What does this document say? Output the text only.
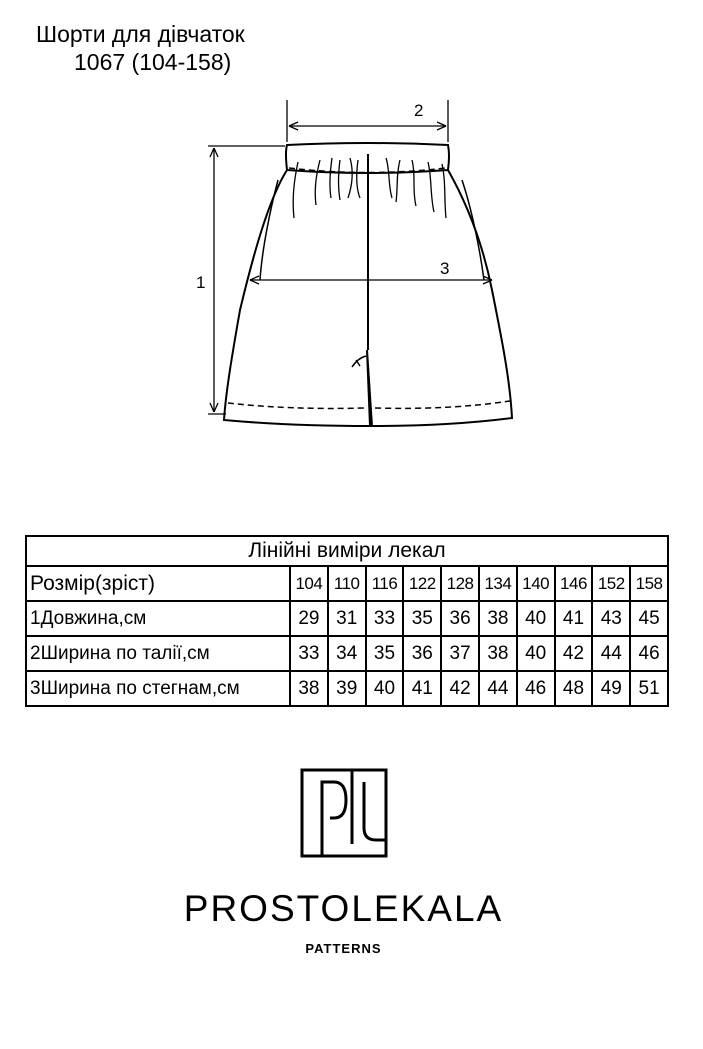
Шорти для дівчаток
1067 (104-158)
1
2
3
Лінійні виміри лекал										
Розмір(зріст)	104	110	116	122	128	134	140	146	152	158
1Довжина,см	29	31	33	35	36	38	40	41	43	45
2Ширина по талії,см	33	34	35	36	37	38	40	42	44	46
3Ширина по стегнам,см	38	39	40	41	42	44	46	48	49	51
PROSTOLEKALA
PATTERNS
